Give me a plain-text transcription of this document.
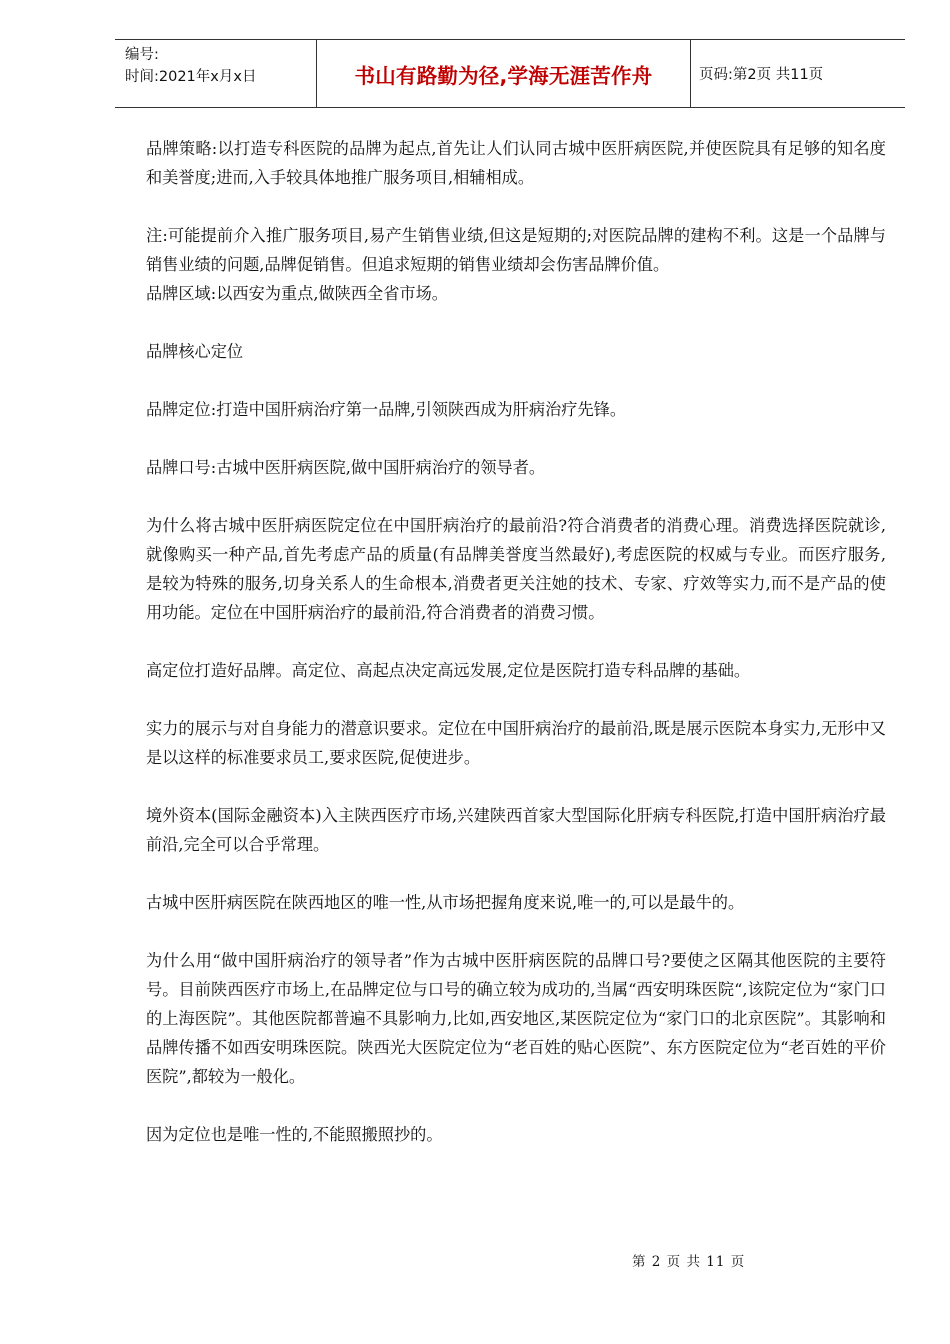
编号:
时间:2021年x月x日	书山有路勤为径,学海无涯苦作舟	页码:第2页 共11页

品牌策略:以打造专科医院的品牌为起点,首先让人们认同古城中医肝病医院,并使医院具有足够的知名度和美誉度;进而,入手较具体地推广服务项目,相辅相成。

注:可能提前介入推广服务项目,易产生销售业绩,但这是短期的;对医院品牌的建构不利。这是一个品牌与销售业绩的问题,品牌促销售。但追求短期的销售业绩却会伤害品牌价值。

品牌区域:以西安为重点,做陕西全省市场。

品牌核心定位

品牌定位:打造中国肝病治疗第一品牌,引领陕西成为肝病治疗先锋。

品牌口号:古城中医肝病医院,做中国肝病治疗的领导者。

为什么将古城中医肝病医院定位在中国肝病治疗的最前沿?符合消费者的消费心理。消费选择医院就诊,就像购买一种产品,首先考虑产品的质量(有品牌美誉度当然最好),考虑医院的权威与专业。而医疗服务,是较为特殊的服务,切身关系人的生命根本,消费者更关注她的技术、专家、疗效等实力,而不是产品的使用功能。定位在中国肝病治疗的最前沿,符合消费者的消费习惯。

高定位打造好品牌。高定位、高起点决定高远发展,定位是医院打造专科品牌的基础。

实力的展示与对自身能力的潜意识要求。定位在中国肝病治疗的最前沿,既是展示医院本身实力,无形中又是以这样的标准要求员工,要求医院,促使进步。

境外资本(国际金融资本)入主陕西医疗市场,兴建陕西首家大型国际化肝病专科医院,打造中国肝病治疗最前沿,完全可以合乎常理。

古城中医肝病医院在陕西地区的唯一性,从市场把握角度来说,唯一的,可以是最牛的。

为什么用“做中国肝病治疗的领导者”作为古城中医肝病医院的品牌口号?要使之区隔其他医院的主要符号。目前陕西医疗市场上,在品牌定位与口号的确立较为成功的,当属“西安明珠医院“,该院定位为“家门口的上海医院”。其他医院都普遍不具影响力,比如,西安地区,某医院定位为“家门口的北京医院”。其影响和品牌传播不如西安明珠医院。陕西光大医院定位为“老百姓的贴心医院”、东方医院定位为“老百姓的平价医院”,都较为一般化。

因为定位也是唯一性的,不能照搬照抄的。

第 2 页 共 11 页
